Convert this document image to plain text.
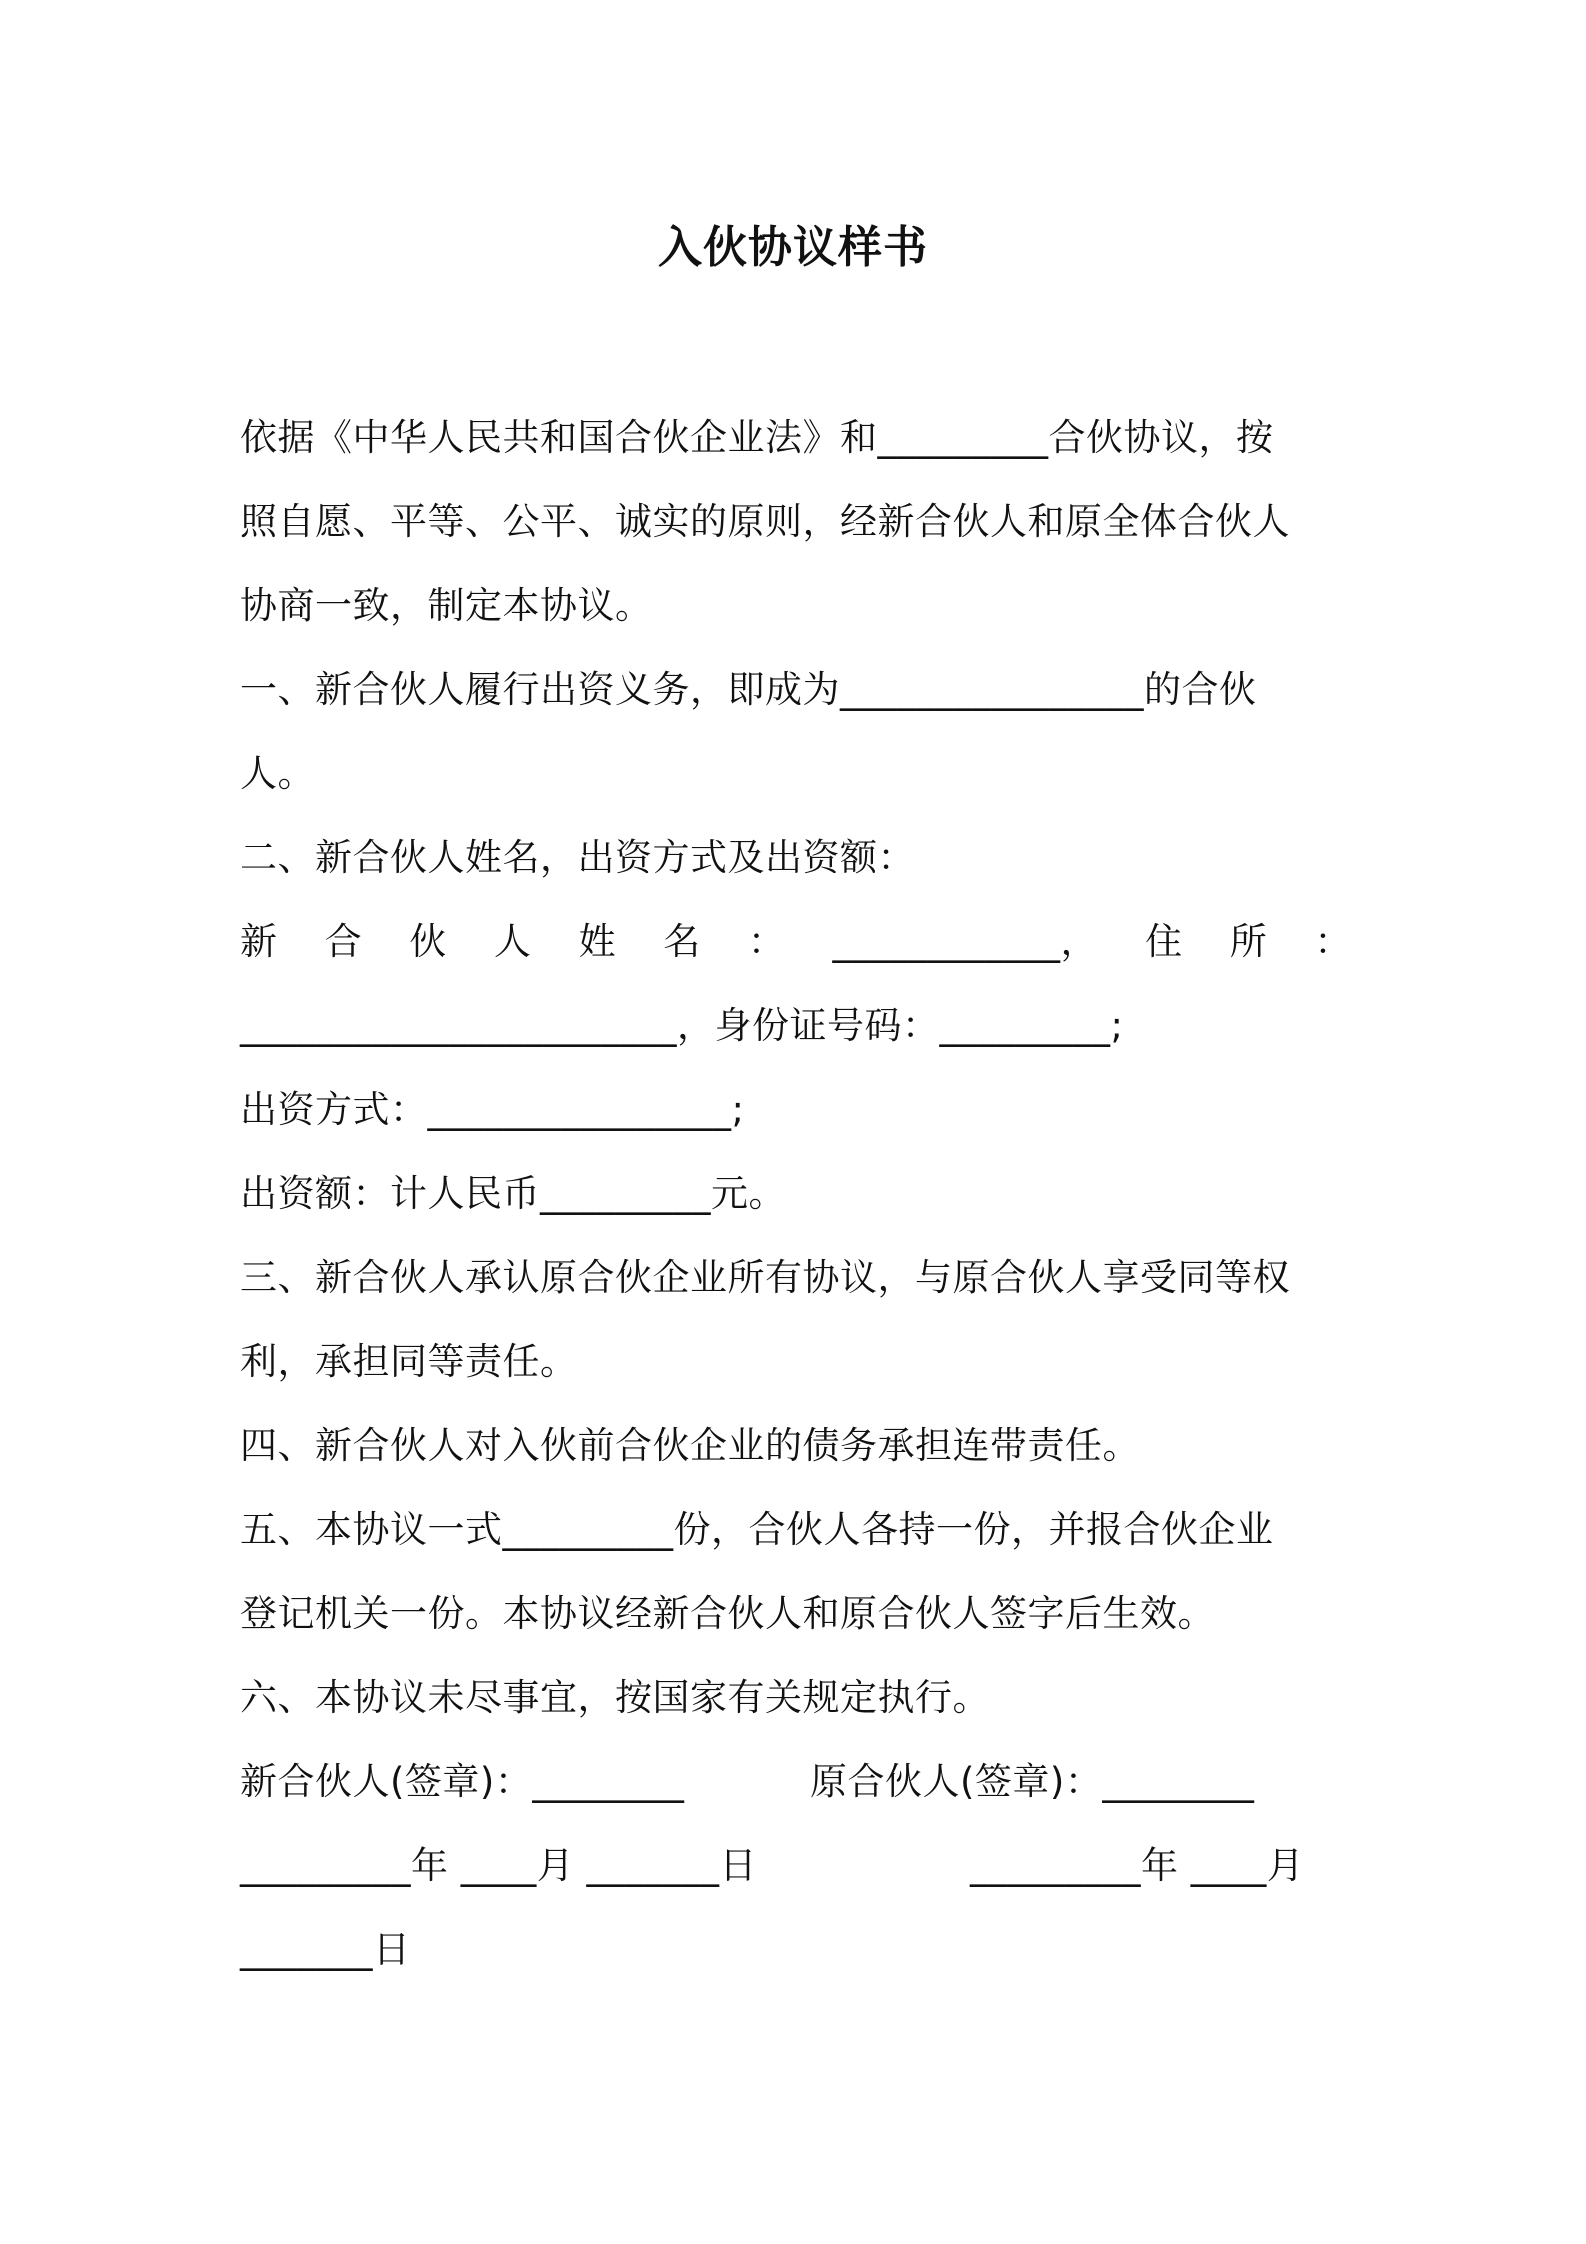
入伙协议样书
依据《中华人民共和国合伙企业法》和_________合伙协议，按
照自愿、平等、公平、诚实的原则，经新合伙人和原全体合伙人
协商一致，制定本协议。
一、新合伙人履行出资义务，即成为________________的合伙
人。
二、新合伙人姓名，出资方式及出资额：
新 合 伙 人 姓 名 ： ____________， 住 所 ：
_______________________，身份证号码：_________;
出资方式：________________;
出资额：计人民币_________元。
三、新合伙人承认原合伙企业所有协议，与原合伙人享受同等权
利，承担同等责任。
四、新合伙人对入伙前合伙企业的债务承担连带责任。
五、本协议一式_________份，合伙人各持一份，并报合伙企业
登记机关一份。本协议经新合伙人和原合伙人签字后生效。
六、本协议未尽事宜，按国家有关规定执行。
新合伙人(签章)：________	原合伙人(签章)：________
_________年 ____月 _______日	_________年 ____月
_______日
